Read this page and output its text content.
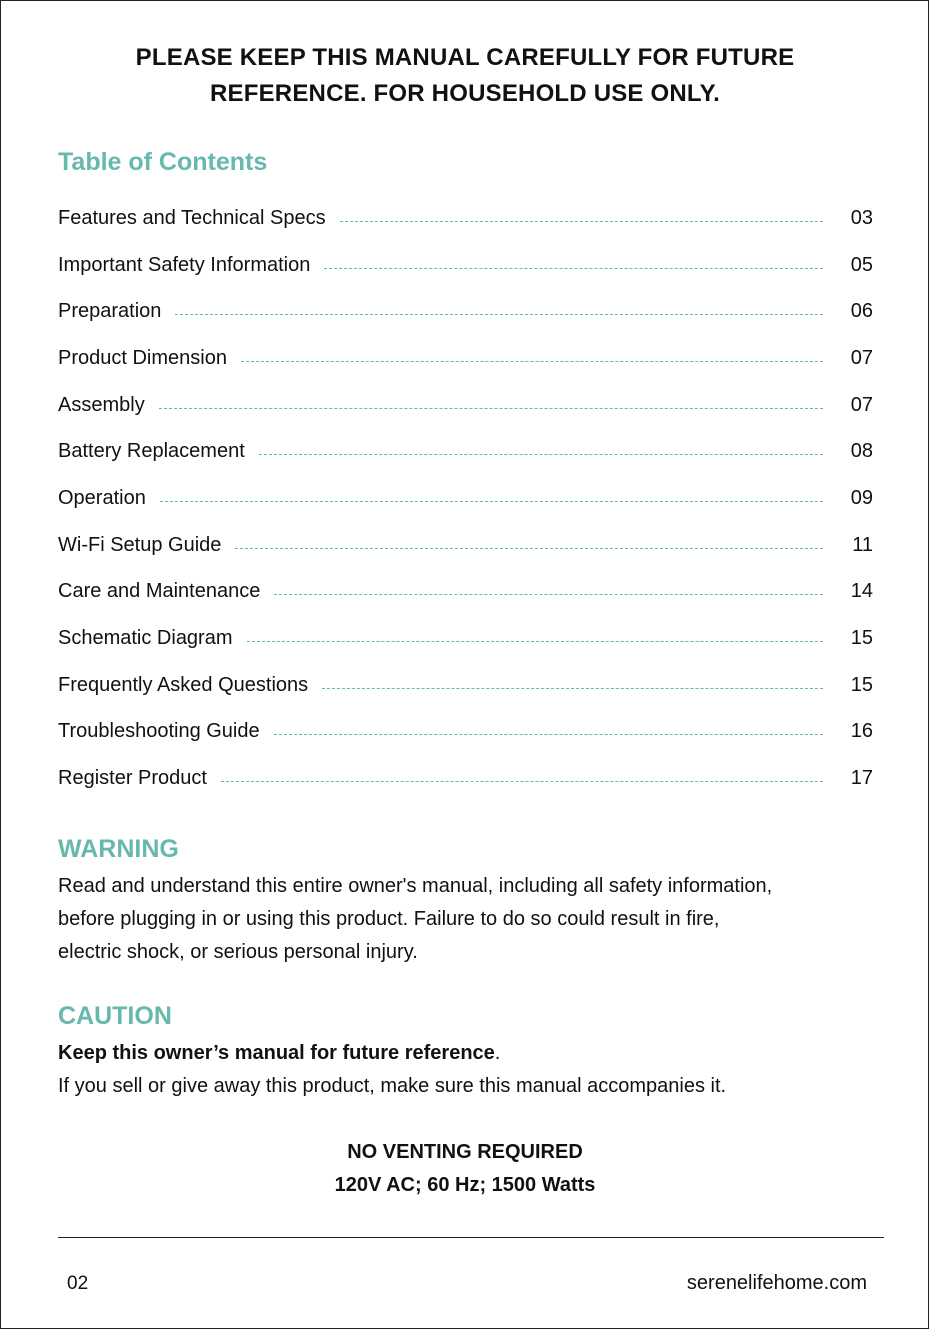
PLEASE KEEP THIS MANUAL CAREFULLY FOR FUTURE
REFERENCE. FOR HOUSEHOLD USE ONLY.
Table of Contents
Features and Technical Specs	03
Important Safety Information	05
Preparation	06
Product Dimension	07
Assembly	07
Battery Replacement	08
Operation	09
Wi-Fi Setup Guide	11
Care and Maintenance	14
Schematic Diagram	15
Frequently Asked Questions	15
Troubleshooting Guide	16
Register Product	17
WARNING
Read and understand this entire owner's manual, including all safety information,
before plugging in or using this product. Failure to do so could result in fire,
electric shock, or serious personal injury.
CAUTION
Keep this owner’s manual for future reference.
If you sell or give away this product, make sure this manual accompanies it.
NO VENTING REQUIRED
120V AC; 60 Hz; 1500 Watts
02	serenelifehome.com
